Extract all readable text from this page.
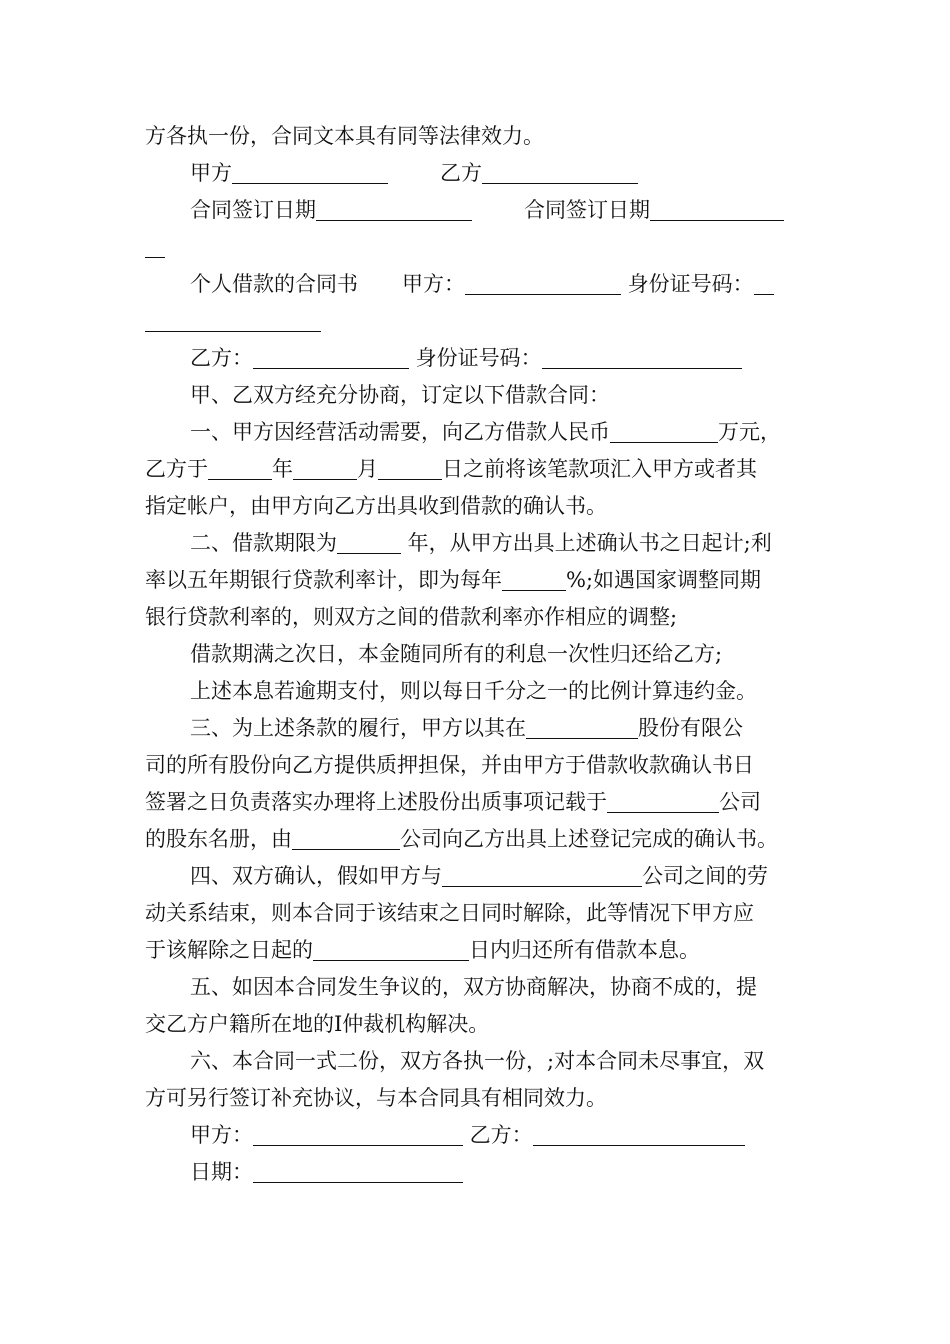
方各执一份，合同文本具有同等法律效力。
甲方	乙方
合同签订日期	合同签订日期
个人借款的合同书 甲方：	身份证号码：
乙方：	身份证号码：
甲、乙双方经充分协商，订定以下借款合同：
一、甲方因经营活动需要，向乙方借款人民币	万元，
乙方于	年	月	日之前将该笔款项汇入甲方或者其
指定帐户，由甲方向乙方出具收到借款的确认书。
二、借款期限为	年，从甲方出具上述确认书之日起计;利
率以五年期银行贷款利率计，即为每年	%;如遇国家调整同期
银行贷款利率的，则双方之间的借款利率亦作相应的调整;
借款期满之次日，本金随同所有的利息一次性归还给乙方;
上述本息若逾期支付，则以每日千分之一的比例计算违约金。
三、为上述条款的履行，甲方以其在	股份有限公
司的所有股份向乙方提供质押担保，并由甲方于借款收款确认书日
签署之日负责落实办理将上述股份出质事项记载于	公司
的股东名册，由	公司向乙方出具上述登记完成的确认书。
四、双方确认，假如甲方与	公司之间的劳
动关系结束，则本合同于该结束之日同时解除，此等情况下甲方应
于该解除之日起的	日内归还所有借款本息。
五、如因本合同发生争议的，双方协商解决，协商不成的，提
交乙方户籍所在地的Ⅰ仲裁机构解决。
六、本合同一式二份，双方各执一份，;对本合同未尽事宜，双
方可另行签订补充协议，与本合同具有相同效力。
甲方：	乙方：
日期：
